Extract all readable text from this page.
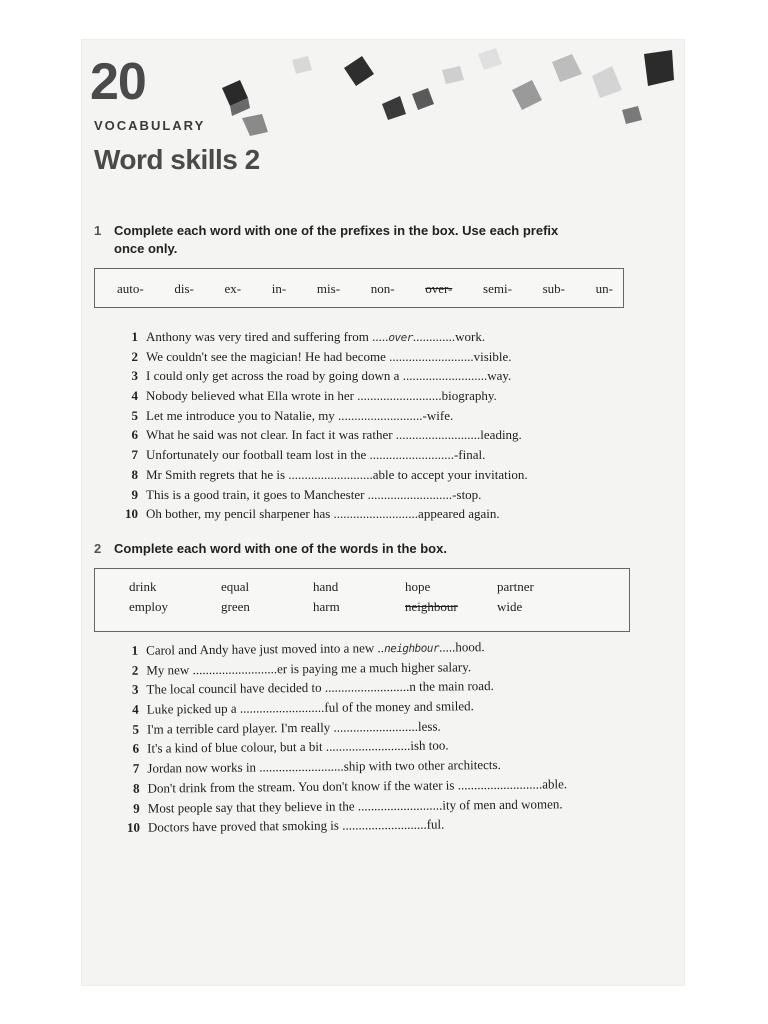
20
VOCABULARY
Word skills 2
1 Complete each word with one of the prefixes in the box. Use each prefix
once only.
auto- dis- ex- in- mis- non- over- semi- sub- un-
1 Anthony was very tired and suffering from .....over.............work.
2 We couldn't see the magician! He had become ..........................visible.
3 I could only get across the road by going down a ..........................way.
4 Nobody believed what Ella wrote in her ..........................biography.
5 Let me introduce you to Natalie, my ..........................-wife.
6 What he said was not clear. In fact it was rather ..........................leading.
7 Unfortunately our football team lost in the ..........................-final.
8 Mr Smith regrets that he is ..........................able to accept your invitation.
9 This is a good train, it goes to Manchester ..........................-stop.
10 Oh bother, my pencil sharpener has ..........................appeared again.
2 Complete each word with one of the words in the box.
drink	equal	hand	hope	partner
employ	green	harm	neighbour	wide
1 Carol and Andy have just moved into a new ..neighbour.....hood.
2 My new ..........................er is paying me a much higher salary.
3 The local council have decided to ..........................n the main road.
4 Luke picked up a ..........................ful of the money and smiled.
5 I'm a terrible card player. I'm really ..........................less.
6 It's a kind of blue colour, but a bit ..........................ish too.
7 Jordan now works in ..........................ship with two other architects.
8 Don't drink from the stream. You don't know if the water is ..........................able.
9 Most people say that they believe in the ..........................ity of men and women.
10 Doctors have proved that smoking is ..........................ful.
